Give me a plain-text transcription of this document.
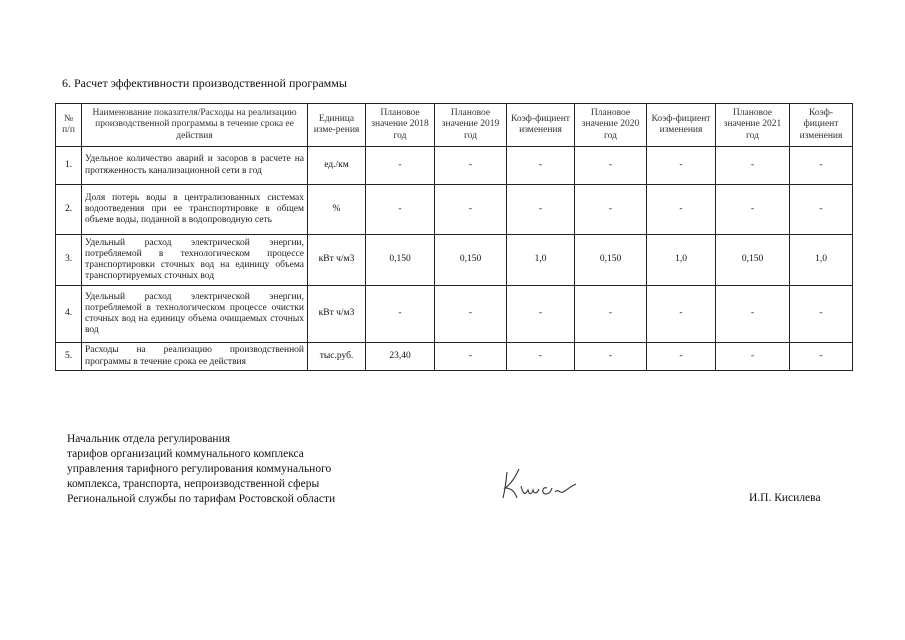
6. Расчет эффективности производственной программы
№ п/п	Наименование показателя/Расходы на реализацию производственной программы в течение срока ее действия	Единица изме-рения	Плановое значение 2018 год	Плановое значение 2019 год	Коэф-фициент изменения	Плановое значение 2020 год	Коэф-фициент изменения	Плановое значение 2021 год	Коэф-фициент изменения
1.	Удельное количество аварий и засоров в расчете на протяженность канализационной сети в год	ед./км	-	-	-	-	-	-	-
2.	Доля потерь воды в централизованных системах водоотведения при ее транспортировке в общем объеме воды, поданной в водопроводную сеть	%	-	-	-	-	-	-	-
3.	Удельный расход электрической энергии, потребляемой в технологическом процессе транспортировки сточных вод на единицу объема транспортируемых сточных вод	кВт ч/м3	0,150	0,150	1,0	0,150	1,0	0,150	1,0
4.	Удельный расход электрической энергии, потребляемой в технологическом процессе очистки сточных вод на единицу объема очищаемых сточных вод	кВт ч/м3	-	-	-	-	-	-	-
5.	Расходы на реализацию производственной программы в течение срока ее действия	тыс.руб.	23,40	-	-	-	-	-	-
Начальник отдела регулирования
тарифов организаций коммунального комплекса
управления тарифного регулирования коммунального
комплекса, транспорта, непроизводственной сферы
Региональной службы по тарифам Ростовской области	И.П. Кисилева
